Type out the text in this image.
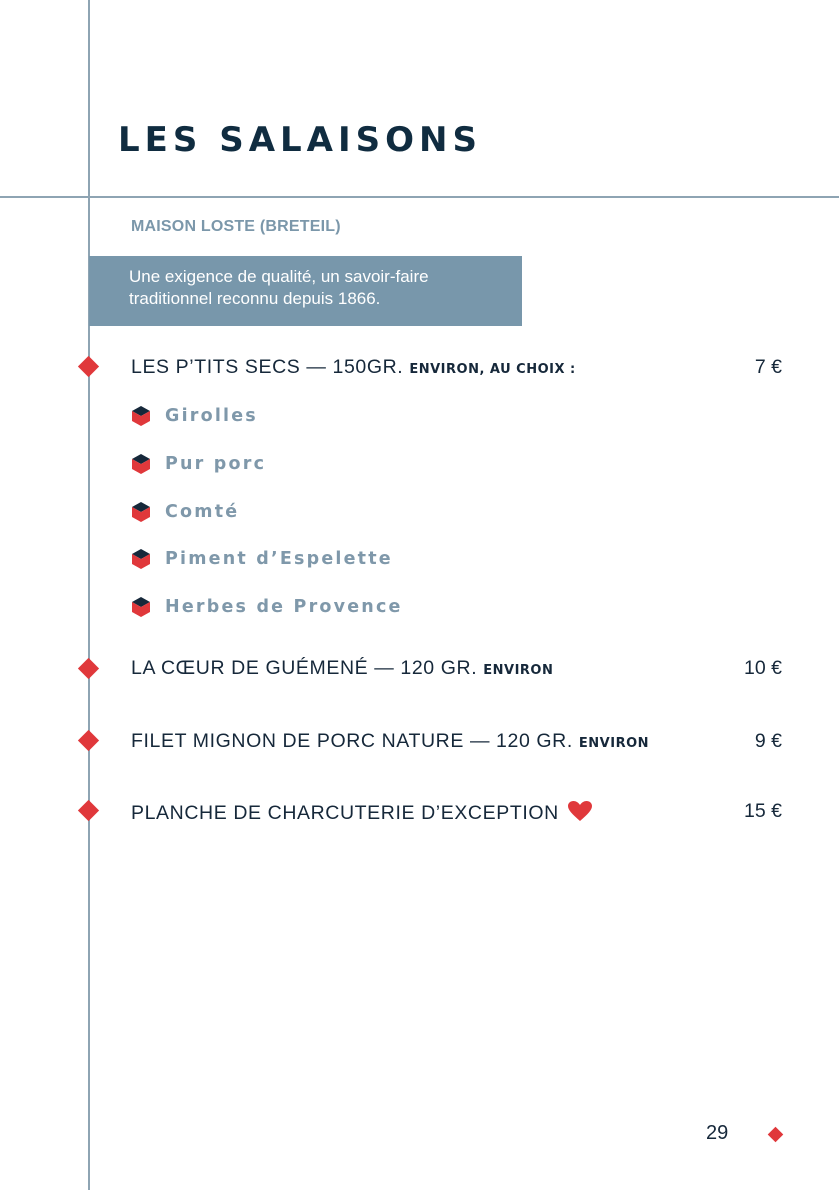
LES SALAISONS
MAISON LOSTE (BRETEIL)
Une exigence de qualité, un savoir-faire
traditionnel reconnu depuis 1866.
LES P’TITS SECS — 150GR. ENVIRON, AU CHOIX :	7 €
Girolles
Pur porc
Comté
Piment d’Espelette
Herbes de Provence
LA CŒUR DE GUÉMENÉ — 120 GR. ENVIRON	10 €
FILET MIGNON DE PORC NATURE — 120 GR. ENVIRON	9 €
PLANCHE DE CHARCUTERIE D’EXCEPTION	15 €
29
